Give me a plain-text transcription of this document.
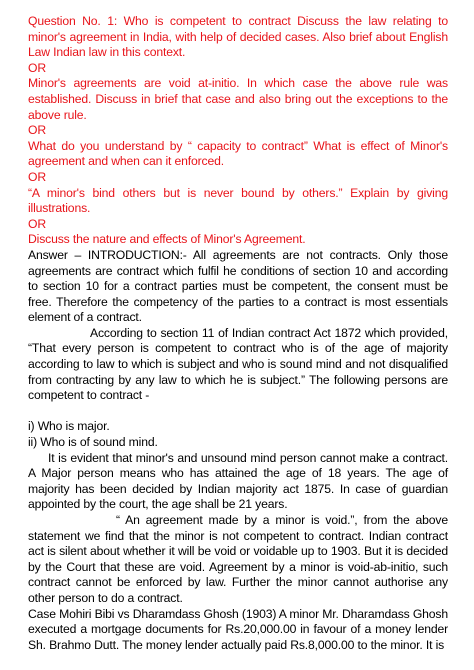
Question No. 1: Who is competent to contract Discuss the law relating to minor's agreement in India, with help of decided cases. Also brief about English Law Indian law in this context.

OR

Minor's agreements are void at-initio. In which case the above rule was established. Discuss in brief that case and also bring out the exceptions to the above rule.

OR

What do you understand by “ capacity to contract” What is effect of Minor's agreement and when can it enforced.

OR

“A minor's bind others but is never bound by others.” Explain by giving illustrations.

OR

Discuss the nature and effects of Minor's Agreement.

Answer – INTRODUCTION:- All agreements are not contracts. Only those agreements are contract which fulfil he conditions of section 10 and according to section 10 for a contract parties must be competent, the consent must be free. Therefore the competency of the parties to a contract is most essentials element of a contract.

According to section 11 of Indian contract Act 1872 which provided, “That every person is competent to contract who is of the age of majority according to law to which is subject and who is sound mind and not disqualified from contracting by any law to which he is subject.” The following persons are competent to contract -

i) Who is major.

ii) Who is of sound mind.

It is evident that minor's and unsound mind person cannot make a contract. A Major person means who has attained the age of 18 years. The age of majority has been decided by Indian majority act 1875. In case of guardian appointed by the court, the age shall be 21 years.

“ An agreement made by a minor is void.”, from the above statement we find that the minor is not competent to contract. Indian contract act is silent about whether it will be void or voidable up to 1903. But it is decided by the Court that these are void. Agreement by a minor is void-ab-initio, such contract cannot be enforced by law. Further the minor cannot authorise any other person to do a contract.

Case Mohiri Bibi vs Dharamdass Ghosh (1903) A minor Mr. Dharamdass Ghosh executed a mortgage documents for Rs.20,000.00 in favour of a money lender Sh. Brahmo Dutt. The money lender actually paid Rs.8,000.00 to the minor. It is
